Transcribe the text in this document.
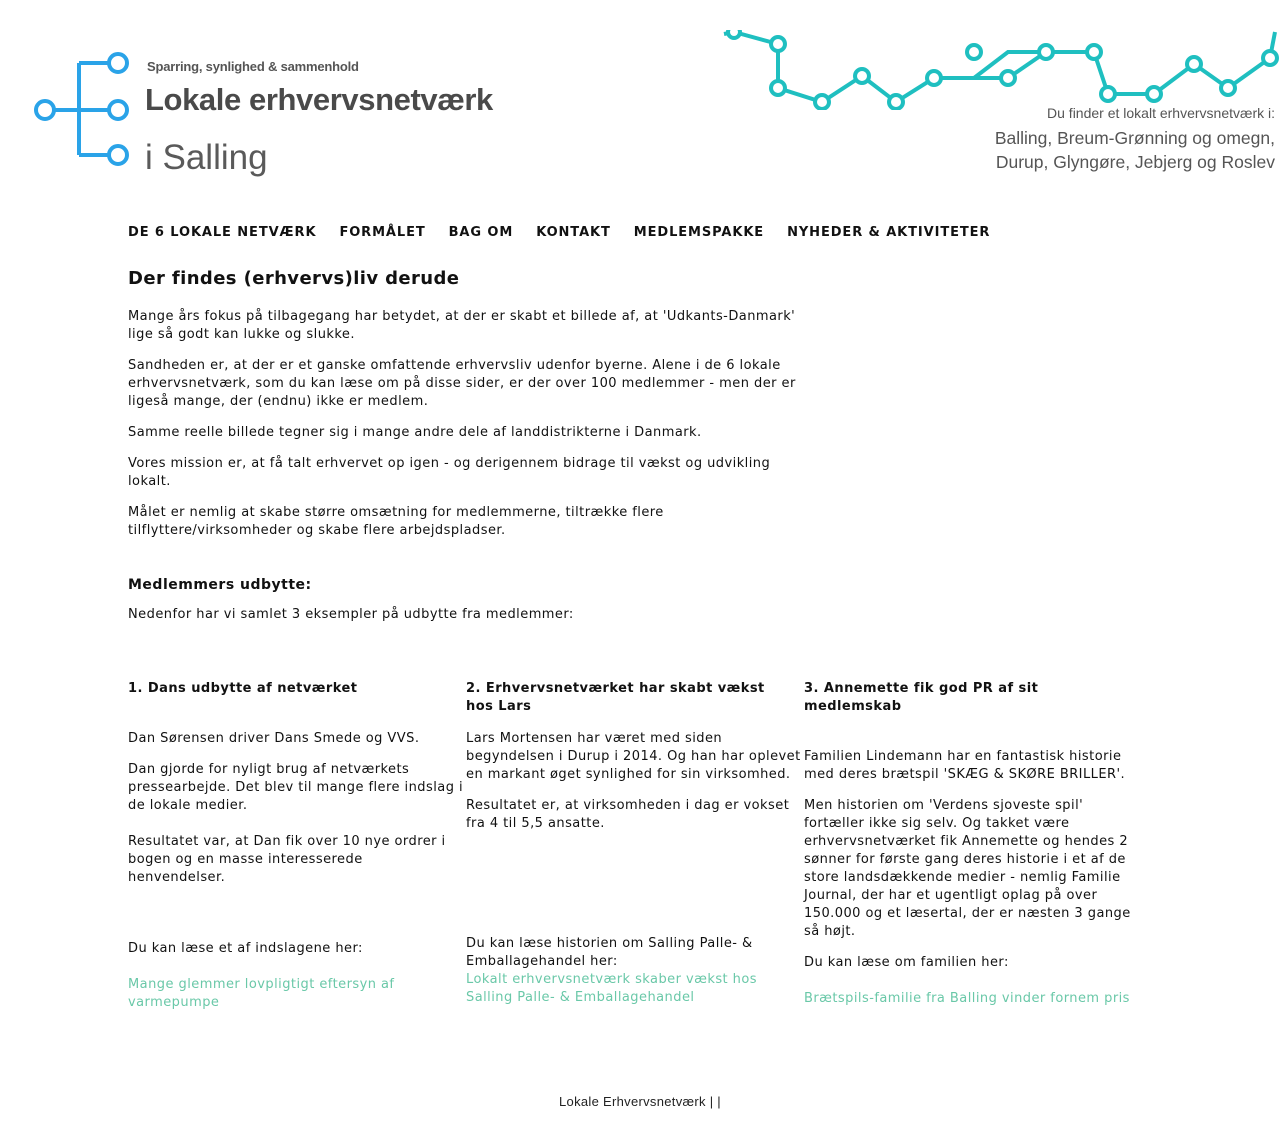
Sparring, synlighed & sammenhold
Lokale erhvervsnetværk
i Salling
Du finder et lokalt erhvervsnetværk i:
Balling, Breum-Grønning og omegn,
Durup, Glyngøre, Jebjerg og Roslev
DE 6 LOKALE NETVÆRK FORMÅLET BAG OM KONTAKT MEDLEMSPAKKE NYHEDER & AKTIVITETER
Der findes (erhvervs)liv derude

Mange års fokus på tilbagegang har betydet, at der er skabt et billede af, at 'Udkants-Danmark' lige så godt kan lukke og slukke.

Sandheden er, at der er et ganske omfattende erhvervsliv udenfor byerne. Alene i de 6 lokale erhvervsnetværk, som du kan læse om på disse sider, er der over 100 medlemmer - men der er ligeså mange, der (endnu) ikke er medlem.

Samme reelle billede tegner sig i mange andre dele af landdistrikterne i Danmark.

Vores mission er, at få talt erhvervet op igen - og derigennem bidrage til vækst og udvikling lokalt.

Målet er nemlig at skabe større omsætning for medlemmerne, tiltrække flere tilflyttere/virksomheder og skabe flere arbejdspladser.

Medlemmers udbytte:

Nedenfor har vi samlet 3 eksempler på udbytte fra medlemmer:

1. Dans udbytte af netværket

Dan Sørensen driver Dans Smede og VVS.

Dan gjorde for nyligt brug af netværkets pressearbejde. Det blev til mange flere indslag i de lokale medier.

Resultatet var, at Dan fik over 10 nye ordrer i bogen og en masse interesserede henvendelser.

Du kan læse et af indslagene her:

Mange glemmer lovpligtigt eftersyn af varmepumpe
2. Erhvervsnetværket har skabt vækst hos Lars

Lars Mortensen har været med siden begyndelsen i Durup i 2014. Og han har oplevet en markant øget synlighed for sin virksomhed.

Resultatet er, at virksomheden i dag er vokset fra 4 til 5,5 ansatte.

Du kan læse historien om Salling Palle- & Emballagehandel her:

Lokalt erhvervsnetværk skaber vækst hos Salling Palle- & Emballagehandel
3. Annemette fik god PR af sit medlemskab

Familien Lindemann har en fantastisk historie med deres brætspil 'SKÆG & SKØRE BRILLER'.

Men historien om 'Verdens sjoveste spil' fortæller ikke sig selv. Og takket være erhvervsnetværket fik Annemette og hendes 2 sønner for første gang deres historie i et af de store landsdækkende medier - nemlig Familie Journal, der har et ugentligt oplag på over 150.000 og et læsertal, der er næsten 3 gange så højt.

Du kan læse om familien her:

Brætspils-familie fra Balling vinder fornem pris
Lokale Erhvervsnetværk | |
